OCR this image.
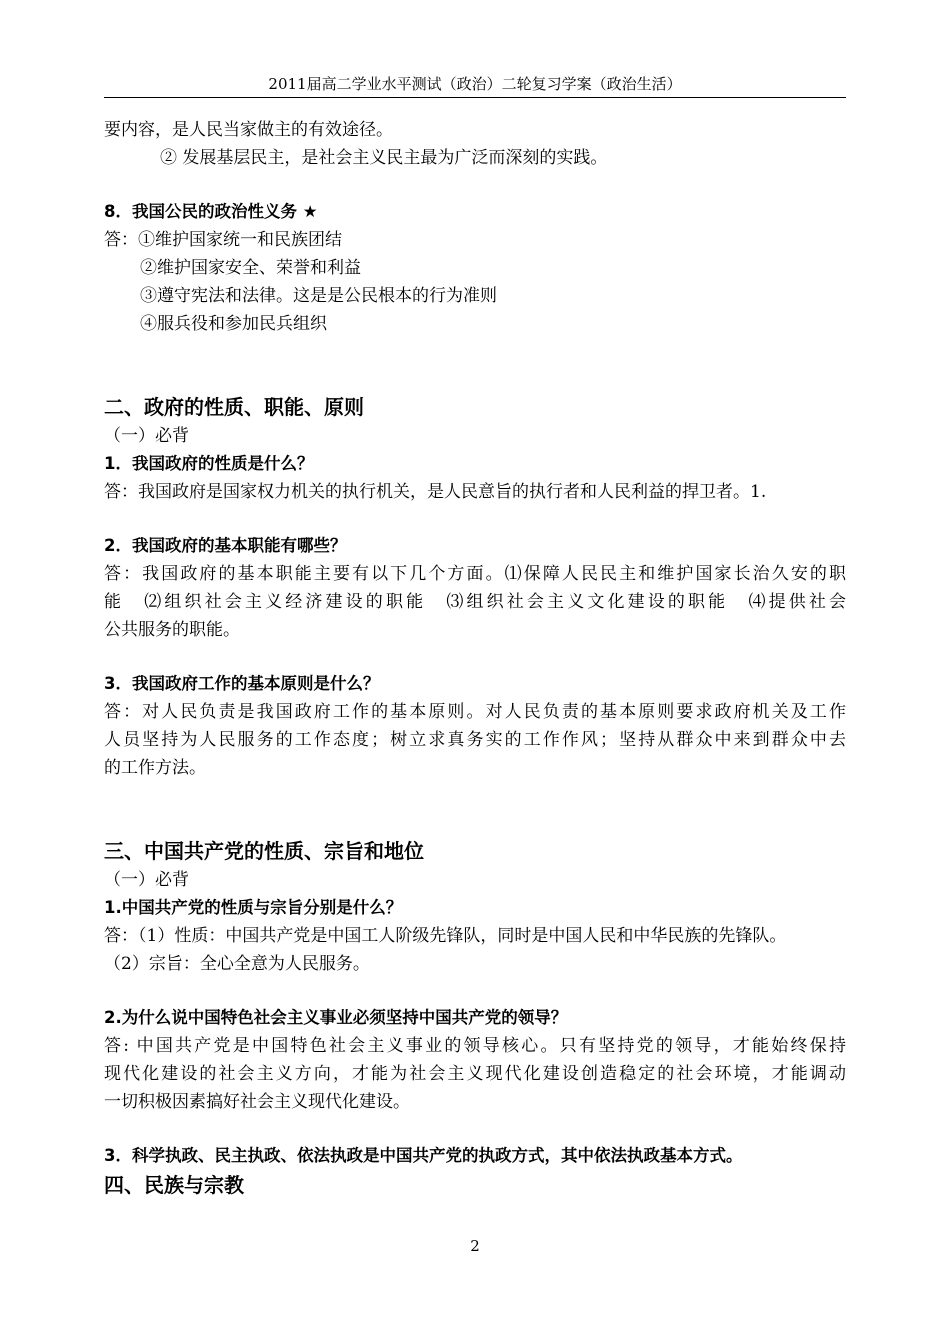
2011届高二学业水平测试（政治）二轮复习学案（政治生活）
要内容，是人民当家做主的有效途径。
② 发展基层民主，是社会主义民主最为广泛而深刻的实践。
8．我国公民的政治性义务 ★
答：①维护国家统一和民族团结
②维护国家安全、荣誉和利益
③遵守宪法和法律。这是是公民根本的行为准则
④服兵役和参加民兵组织
二、政府的性质、职能、原则
（一）必背
1．我国政府的性质是什么？
答：我国政府是国家权力机关的执行机关，是人民意旨的执行者和人民利益的捍卫者。1.
2．我国政府的基本职能有哪些？
答：我国政府的基本职能主要有以下几个方面。⑴保障人民民主和维护国家长治久安的职
能　⑵组织社会主义经济建设的职能　⑶组织社会主义文化建设的职能　⑷提供社会
公共服务的职能。
3．我国政府工作的基本原则是什么？
答：对人民负责是我国政府工作的基本原则。对人民负责的基本原则要求政府机关及工作
人员坚持为人民服务的工作态度；树立求真务实的工作作风；坚持从群众中来到群众中去
的工作方法。
三、中国共产党的性质、宗旨和地位
（一）必背
1.中国共产党的性质与宗旨分别是什么？
答：（1）性质：中国共产党是中国工人阶级先锋队，同时是中国人民和中华民族的先锋队。
（2）宗旨：全心全意为人民服务。
2.为什么说中国特色社会主义事业必须坚持中国共产党的领导？
答: 中国共产党是中国特色社会主义事业的领导核心。只有坚持党的领导，才能始终保持
现代化建设的社会主义方向，才能为社会主义现代化建设创造稳定的社会环境，才能调动
一切积极因素搞好社会主义现代化建设。
3．科学执政、民主执政、依法执政是中国共产党的执政方式，其中依法执政基本方式。
四、民族与宗教
2
